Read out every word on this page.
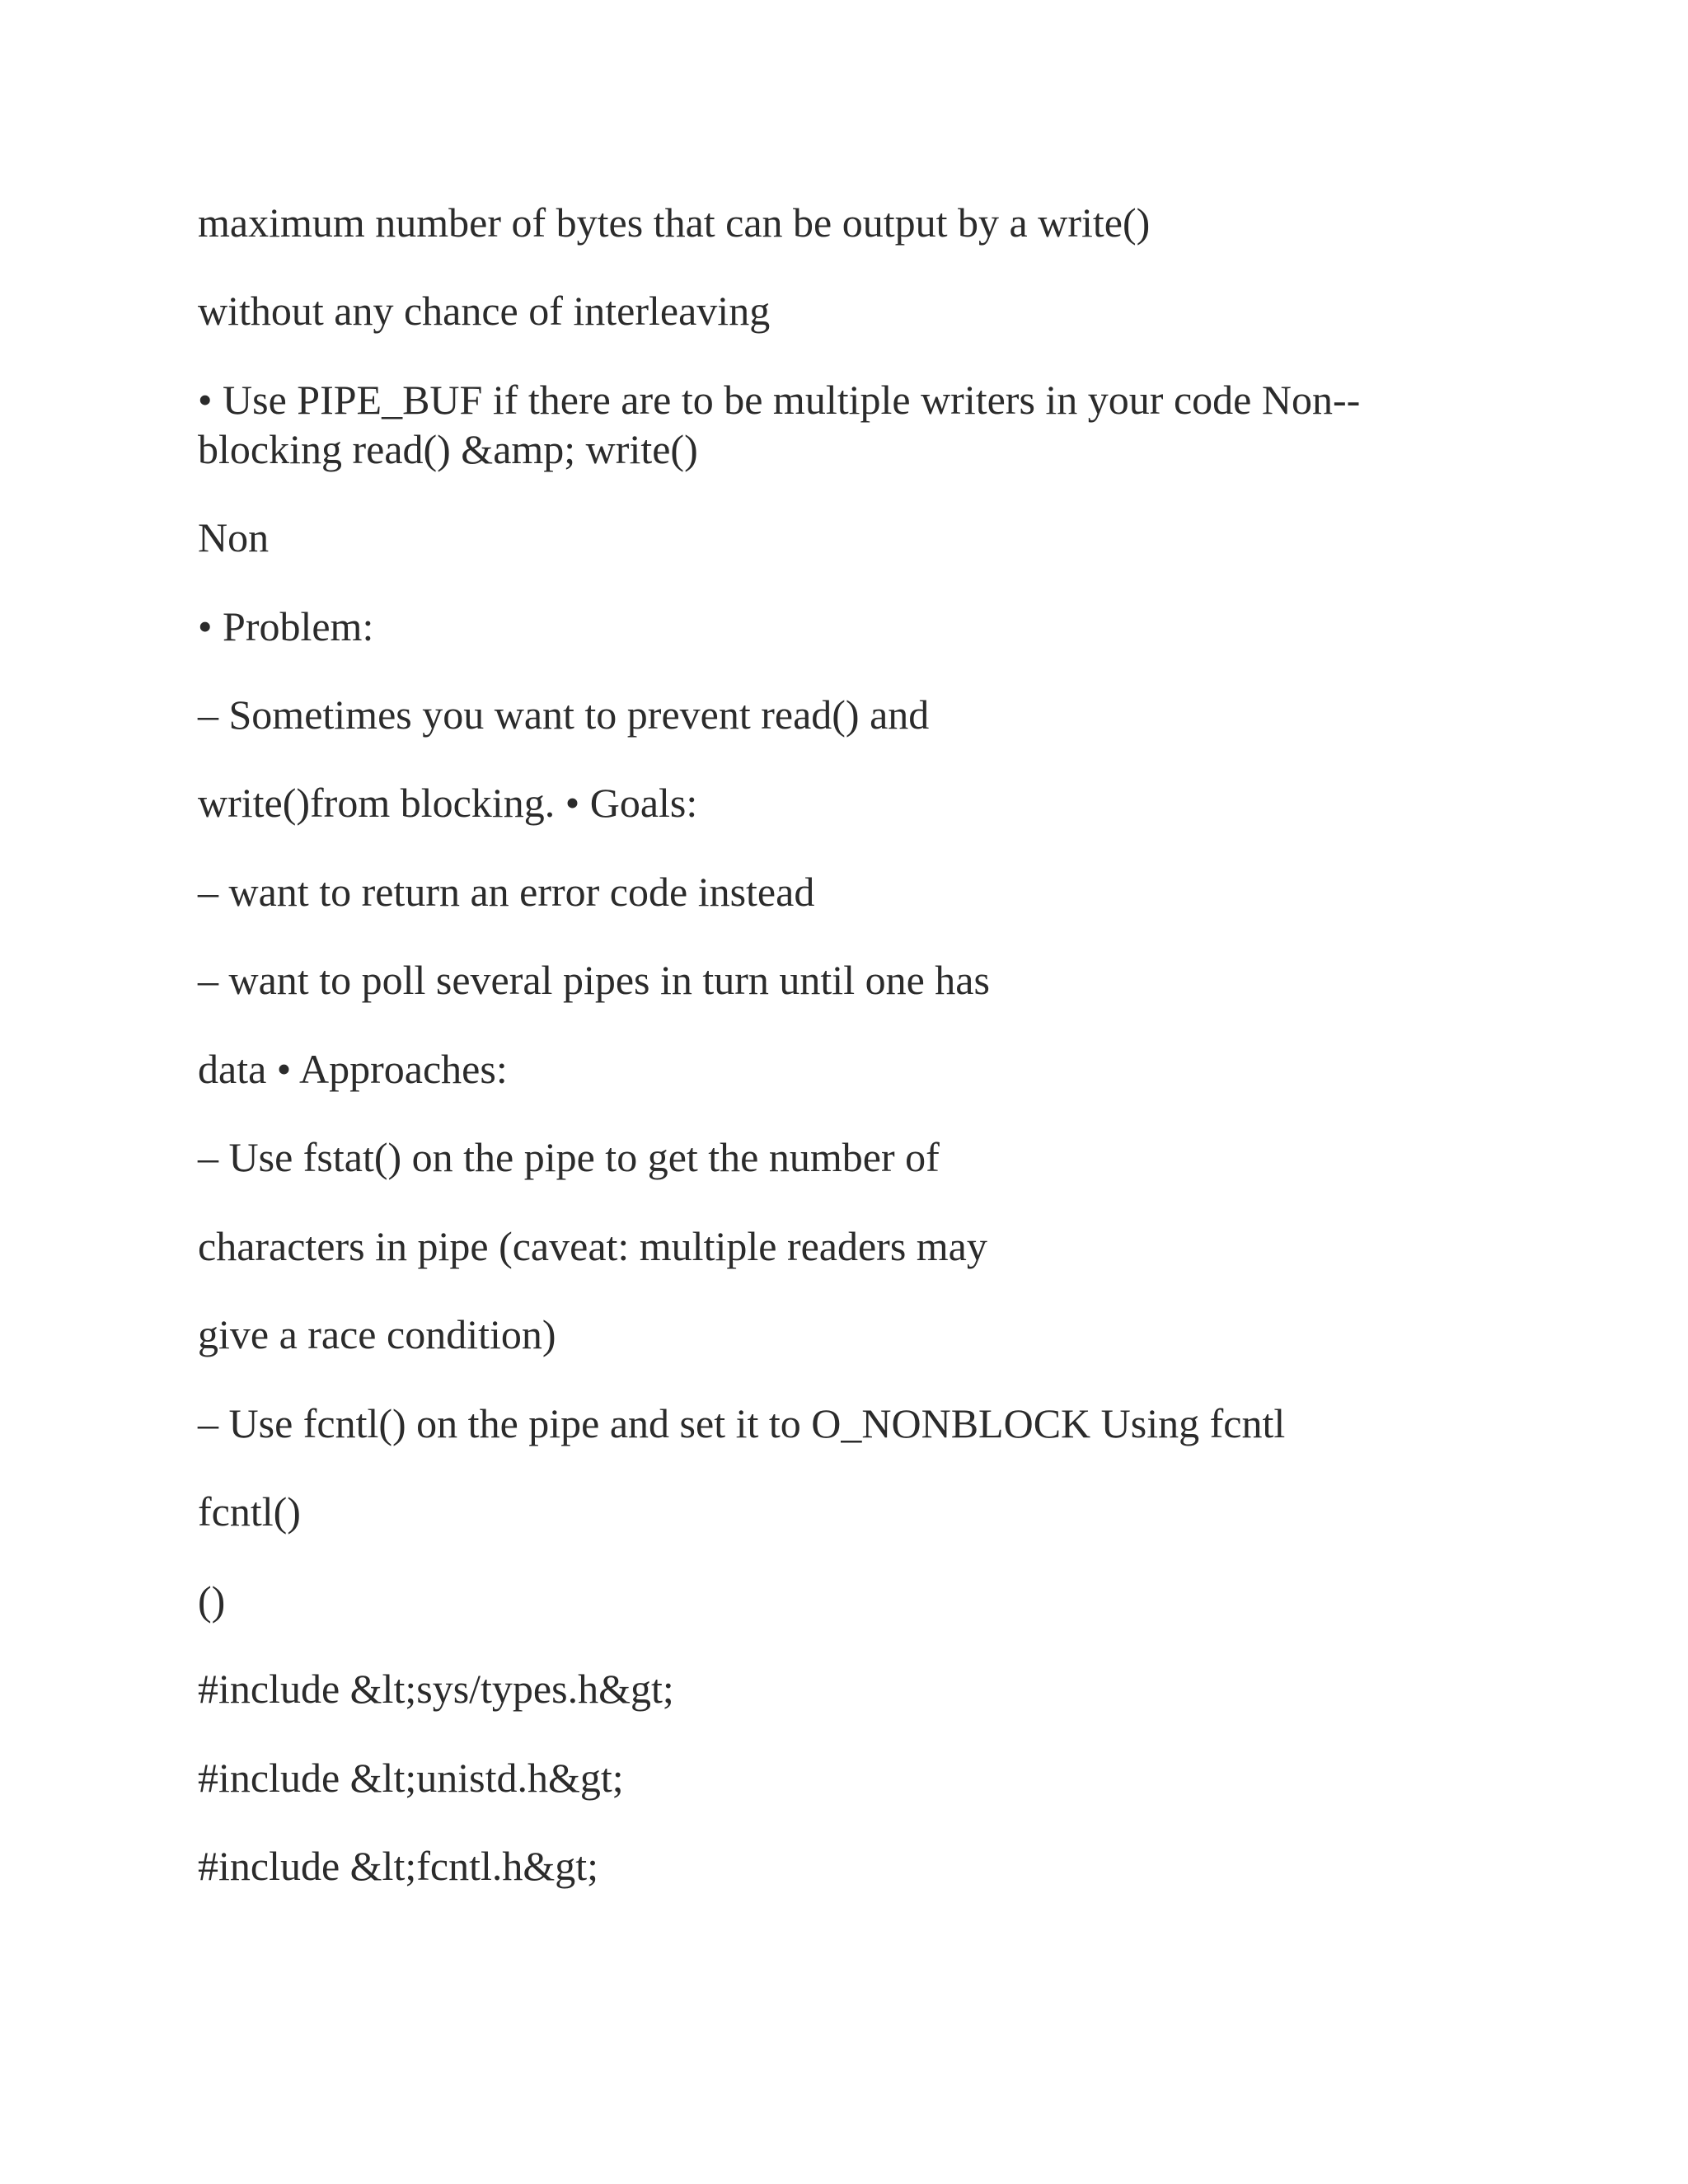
maximum number of bytes that can be output by a write()

without any chance of interleaving

• Use PIPE_BUF if there are to be multiple writers in your code Non--

blocking read() &amp; write()

Non

• Problem:

– Sometimes you want to prevent read() and

write()from blocking. • Goals:

– want to return an error code instead

– want to poll several pipes in turn until one has

data • Approaches:

– Use fstat() on the pipe to get the number of

characters in pipe (caveat: multiple readers may

give a race condition)

– Use fcntl() on the pipe and set it to O_NONBLOCK Using fcntl

fcntl()

()

#include &lt;sys/types.h&gt;

#include &lt;unistd.h&gt;

#include &lt;fcntl.h&gt;
